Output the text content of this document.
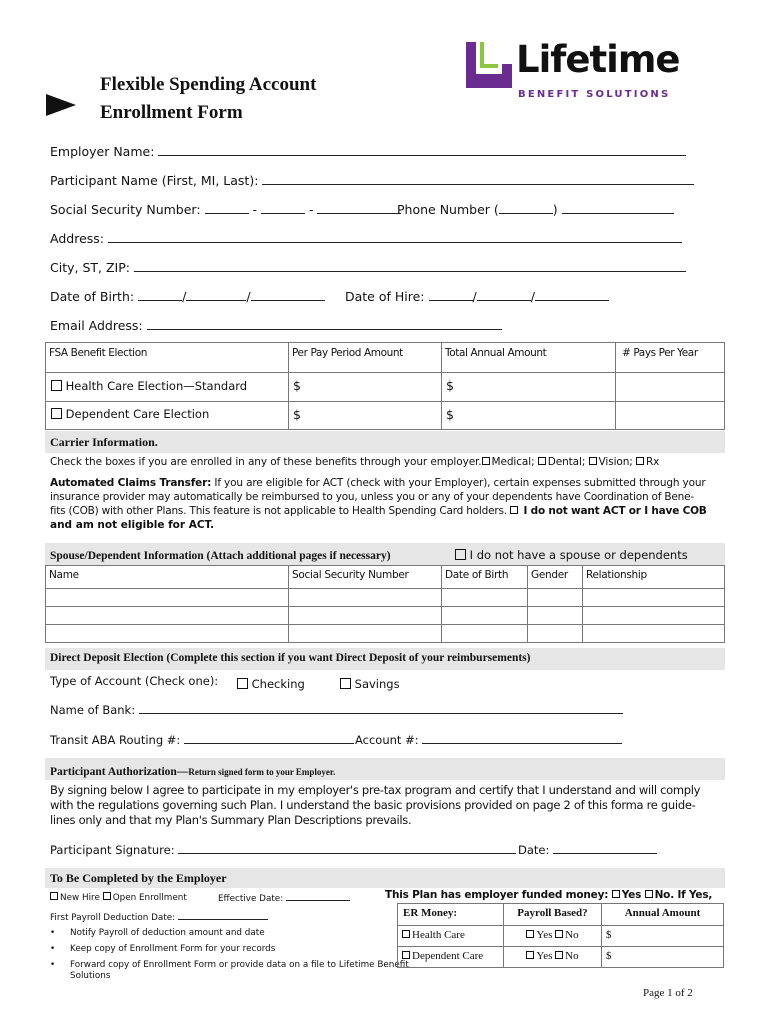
Flexible Spending Account
Enrollment Form
Lifetime
BENEFIT SOLUTIONS
Employer Name:
Participant Name (First, MI, Last):
Social Security Number:	-	-	Phone Number (	)
Address:
City, ST, ZIP:
Date of Birth:	/	/	Date of Hire:	/	/
Email Address:
FSA Benefit Election	Per Pay Period Amount	Total Annual Amount	# Pays Per Year
Health Care Election—Standard	$	$	
Dependent Care Election	$	$	
Carrier Information.
Check the boxes if you are enrolled in any of these benefits through your employer. Medical; Dental; Vision; Rx
Automated Claims Transfer: If you are eligible for ACT (check with your Employer), certain expenses submitted through your
insurance provider may automatically be reimbursed to you, unless you or any of your dependents have Coordination of Bene-
fits (COB) with other Plans. This feature is not applicable to Health Spending Card holders.  I do not want ACT or I have COB
and am not eligible for ACT.
Spouse/Dependent Information (Attach additional pages if necessary)	I do not have a spouse or dependents
Name	Social Security Number	Date of Birth	Gender	Relationship

Direct Deposit Election (Complete this section if you want Direct Deposit of your reimbursements)
Type of Account (Check one):	Checking	Savings
Name of Bank:
Transit ABA Routing #:	Account #:
Participant Authorization—Return signed form to your Employer.
By signing below I agree to participate in my employer's pre-tax program and certify that I understand and will comply
with the regulations governing such Plan. I understand the basic provisions provided on page 2 of this forma re guide-
lines only and that my Plan's Summary Plan Descriptions prevails.
Participant Signature:	Date:
To Be Completed by the Employer
New Hire Open Enrollment	Effective Date:	This Plan has employer funded money: Yes No. If Yes,
First Payroll Deduction Date:
• Notify Payroll of deduction amount and date
• Keep copy of Enrollment Form for your records
• Forward copy of Enrollment Form or provide data on a file to Lifetime Benefit
Solutions
ER Money:	Payroll Based?	Annual Amount
Health Care	Yes No	$
Dependent Care	Yes No	$
Page 1 of 2
